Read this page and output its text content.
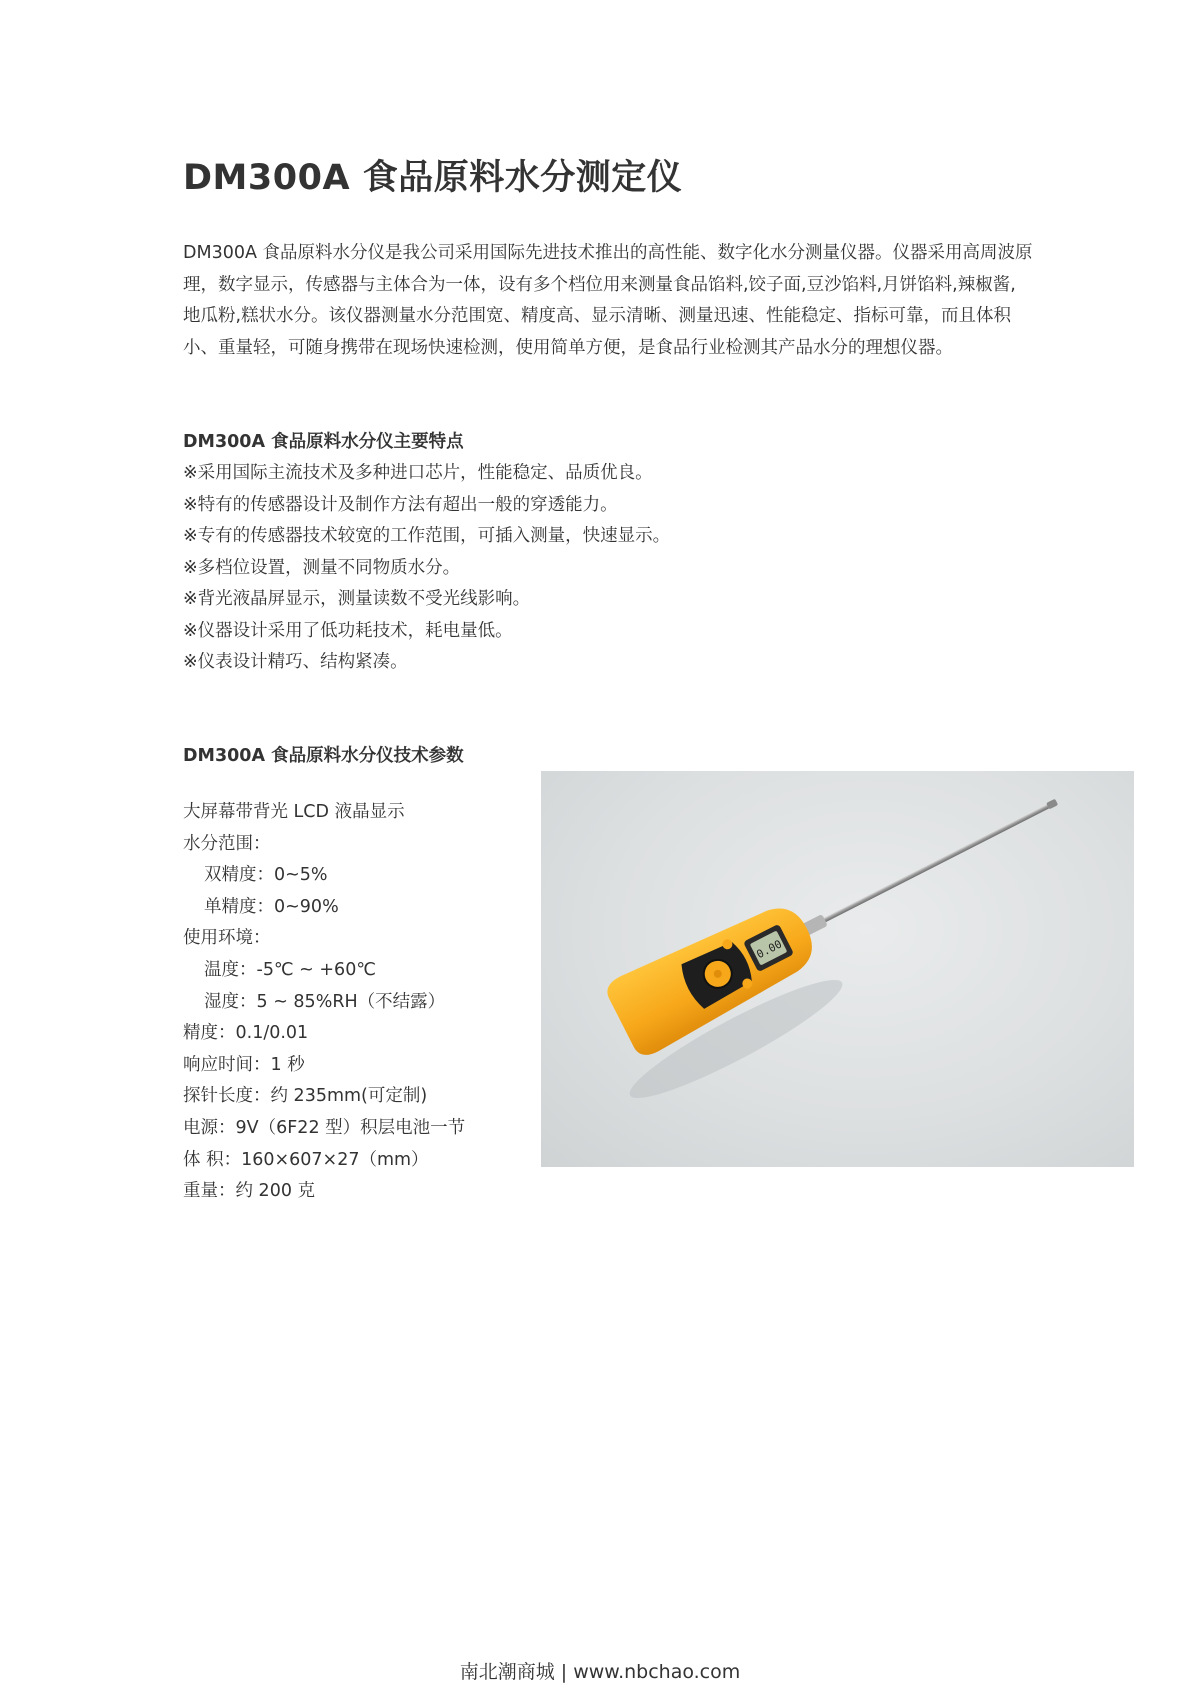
DM300A 食品原料水分测定仪

DM300A 食品原料水分仪是我公司采用国际先进技术推出的高性能、数字化水分测量仪器。仪器采用高周波原理，数字显示，传感器与主体合为一体，设有多个档位用来测量食品馅料,饺子面,豆沙馅料,月饼馅料,辣椒酱,地瓜粉,糕状水分。该仪器测量水分范围宽、精度高、显示清晰、测量迅速、性能稳定、指标可靠，而且体积小、重量轻，可随身携带在现场快速检测，使用简单方便，是食品行业检测其产品水分的理想仪器。

DM300A 食品原料水分仪主要特点
※采用国际主流技术及多种进口芯片，性能稳定、品质优良。
※特有的传感器设计及制作方法有超出一般的穿透能力。
※专有的传感器技术较宽的工作范围，可插入测量，快速显示。
※多档位设置，测量不同物质水分。
※背光液晶屏显示，测量读数不受光线影响。
※仪器设计采用了低功耗技术，耗电量低。
※仪表设计精巧、结构紧凑。
DM300A 食品原料水分仪技术参数
大屏幕带背光 LCD 液晶显示
水分范围：
双精度：0~5%
单精度：0~90%
使用环境：
温度：-5℃ ~ +60℃
湿度：5 ~ 85%RH（不结露）
精度：0.1/0.01
响应时间：1 秒
探针长度：约 235mm(可定制)
电源：9V（6F22 型）积层电池一节
体 积：160×607×27（mm）
重量：约 200 克
0.00
南北潮商城 | www.nbchao.com
